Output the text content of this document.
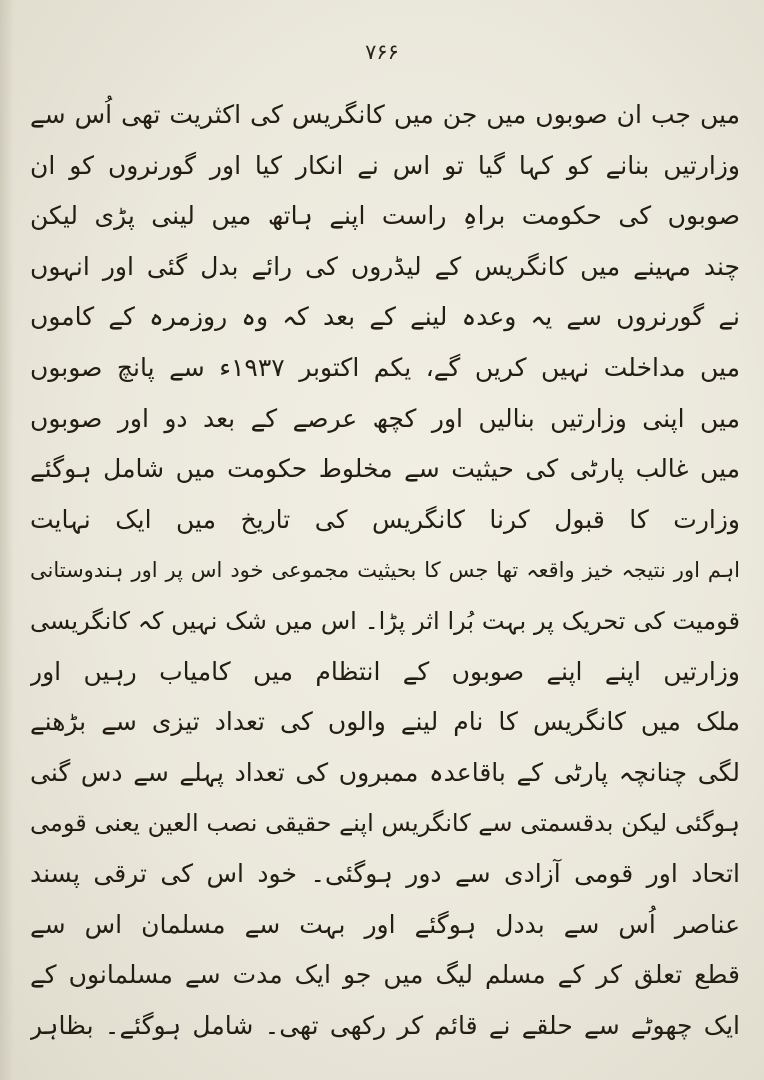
۷۶۶
میں جب ان صوبوں میں جن میں کانگریس کی اکثریت تھی اُس سے
وزارتیں بنانے کو کہا گیا تو اس نے انکار کیا اور گورنروں کو ان
صوبوں کی حکومت براہِ راست اپنے ہاتھ میں لینی پڑی لیکن
چند مہینے میں کانگریس کے لیڈروں کی رائے بدل گئی اور انہوں
نے گورنروں سے یہ وعدہ لینے کے بعد کہ وہ روزمرہ کے کاموں
میں مداخلت نہیں کریں گے، یکم اکتوبر ۱۹۳۷ء سے پانچ صوبوں
میں اپنی وزارتیں بنالیں اور کچھ عرصے کے بعد دو اور صوبوں
میں غالب پارٹی کی حیثیت سے مخلوط حکومت میں شامل ہوگئے
وزارت کا قبول کرنا کانگریس کی تاریخ میں ایک نہایت
اہم اور نتیجہ خیز واقعہ تھا جس کا بحیثیت مجموعی خود اس پر اور ہندوستانی
قومیت کی تحریک پر بہت بُرا اثر پڑا۔ اس میں شک نہیں کہ کانگریسی
وزارتیں اپنے اپنے صوبوں کے انتظام میں کامیاب رہیں اور
ملک میں کانگریس کا نام لینے والوں کی تعداد تیزی سے بڑھنے
لگی چنانچہ پارٹی کے باقاعدہ ممبروں کی تعداد پہلے سے دس گنی
ہوگئی لیکن بدقسمتی سے کانگریس اپنے حقیقی نصب العین یعنی قومی
اتحاد اور قومی آزادی سے دور ہوگئی۔ خود اس کی ترقی پسند
عناصر اُس سے بددل ہوگئے اور بہت سے مسلمان اس سے
قطع تعلق کر کے مسلم لیگ میں جو ایک مدت سے مسلمانوں کے
ایک چھوٹے سے حلقے نے قائم کر رکھی تھی۔ شامل ہوگئے۔ بظاہر
